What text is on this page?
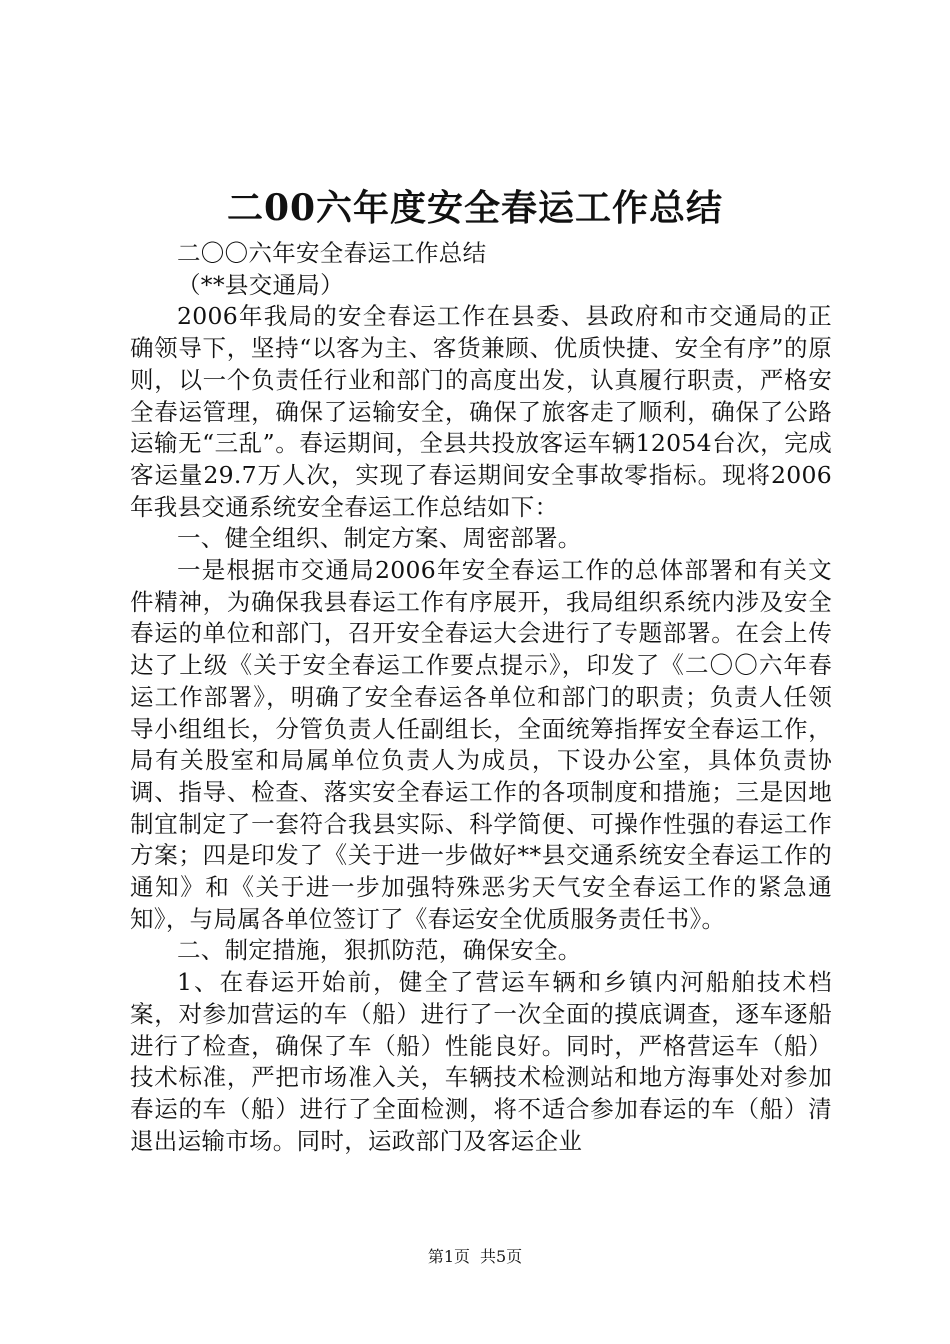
二00六年度安全春运工作总结

二〇〇六年安全春运工作总结

（**县交通局）

2006年我局的安全春运工作在县委、县政府和市交通局的正确领导下，坚持“以客为主、客货兼顾、优质快捷、安全有序”的原则，以一个负责任行业和部门的高度出发，认真履行职责，严格安全春运管理，确保了运输安全，确保了旅客走了顺利，确保了公路运输无“三乱”。春运期间，全县共投放客运车辆12054台次，完成客运量29.7万人次，实现了春运期间安全事故零指标。现将2006年我县交通系统安全春运工作总结如下：

一、健全组织、制定方案、周密部署。

一是根据市交通局2006年安全春运工作的总体部署和有关文件精神，为确保我县春运工作有序展开，我局组织系统内涉及安全春运的单位和部门，召开安全春运大会进行了专题部署。在会上传达了上级《关于安全春运工作要点提示》，印发了《二〇〇六年春运工作部署》，明确了安全春运各单位和部门的职责；负责人任领导小组组长，分管负责人任副组长，全面统筹指挥安全春运工作，局有关股室和局属单位负责人为成员，下设办公室，具体负责协调、指导、检查、落实安全春运工作的各项制度和措施；三是因地制宜制定了一套符合我县实际、科学简便、可操作性强的春运工作方案；四是印发了《关于进一步做好**县交通系统安全春运工作的通知》和《关于进一步加强特殊恶劣天气安全春运工作的紧急通知》，与局属各单位签订了《春运安全优质服务责任书》。

二、制定措施，狠抓防范，确保安全。

1、在春运开始前，健全了营运车辆和乡镇内河船舶技术档案，对参加营运的车（船）进行了一次全面的摸底调查，逐车逐船进行了检查，确保了车（船）性能良好。同时，严格营运车（船）技术标准，严把市场准入关，车辆技术检测站和地方海事处对参加春运的车（船）进行了全面检测，将不适合参加春运的车（船）清退出运输市场。同时，运政部门及客运企业

第1页 共5页
